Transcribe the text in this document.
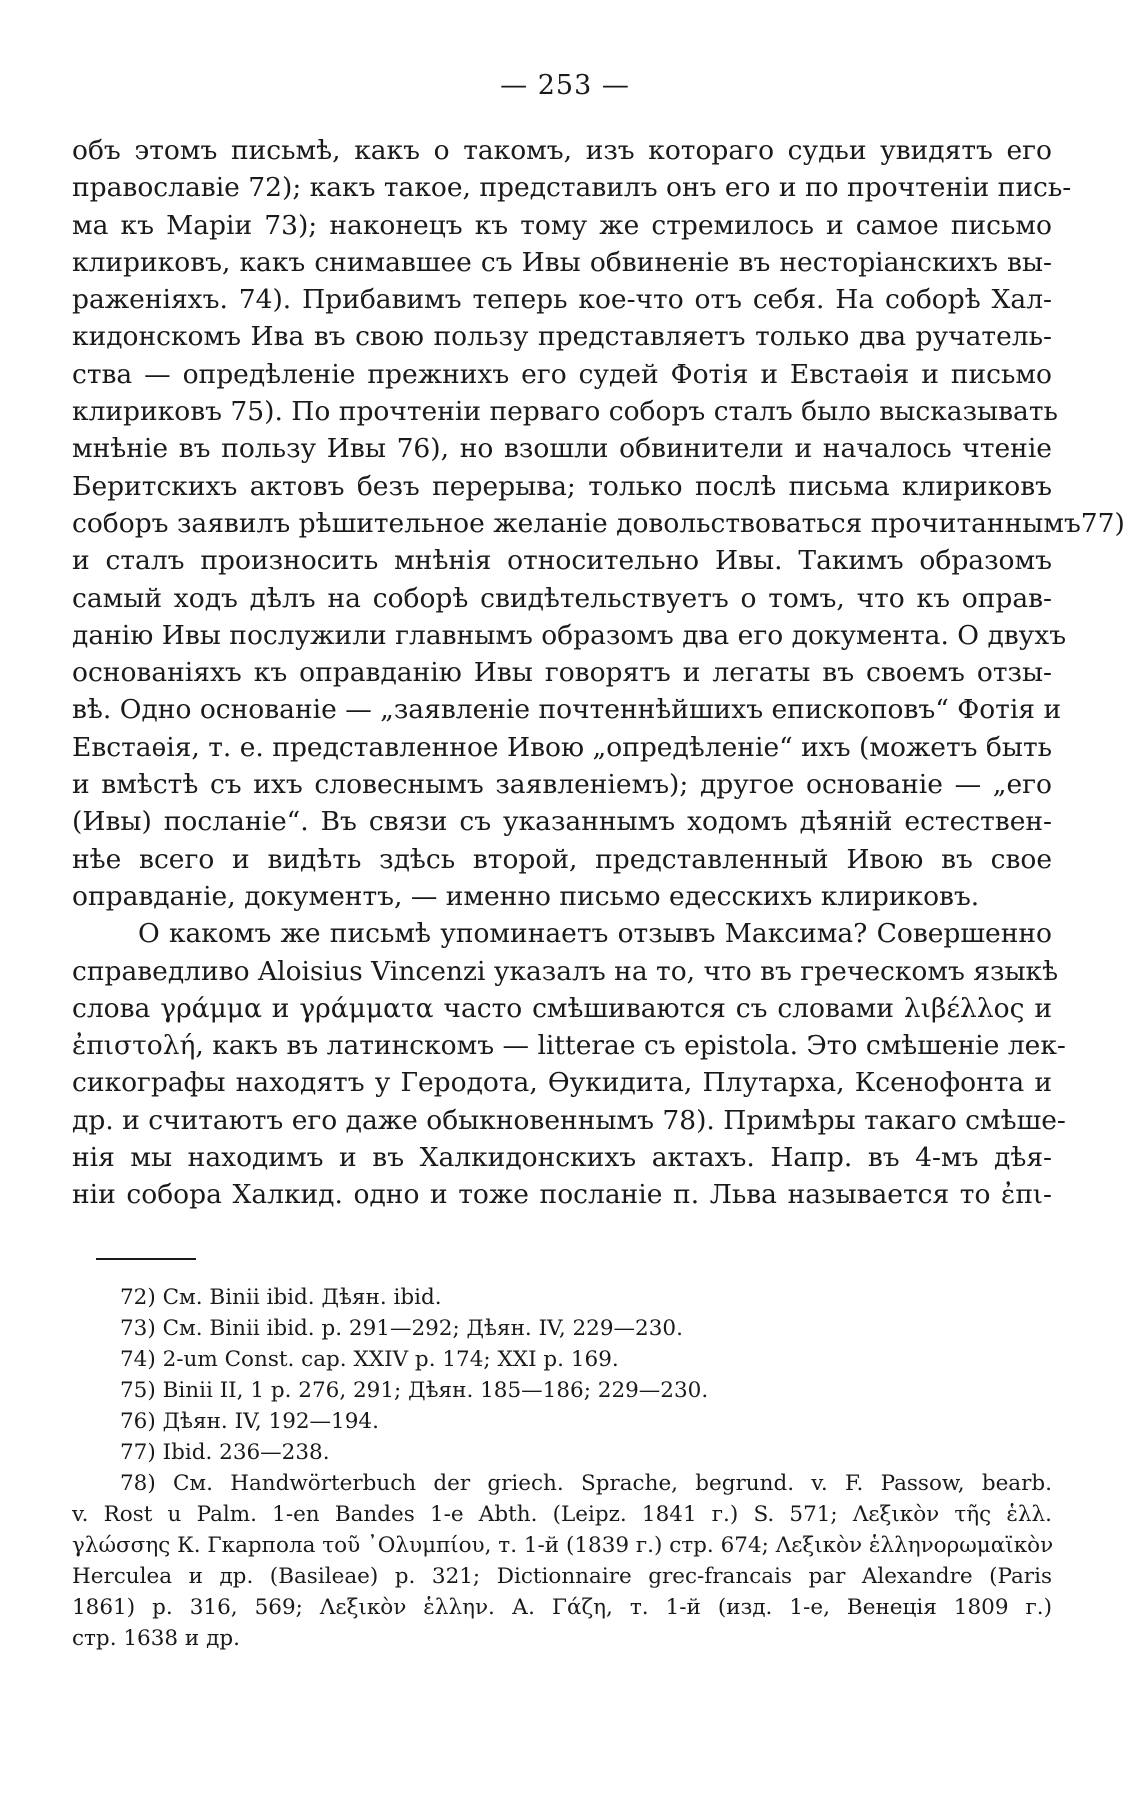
— 253 —
объ этомъ письмѣ, какъ о такомъ, изъ котораго судьи увидятъ его
православіе 72); какъ такое, представилъ онъ его и по прочтеніи пись-
ма къ Маріи 73); наконецъ къ тому же стремилось и самое письмо
клириковъ, какъ снимавшее съ Ивы обвиненіе въ несторіанскихъ вы-
раженіяхъ. 74). Прибавимъ теперь кое-что отъ себя. На соборѣ Хал-
кидонскомъ Ива въ свою пользу представляетъ только два ручатель-
ства — опредѣленіе прежнихъ его судей Фотія и Евстаѳія и письмо
клириковъ 75). По прочтеніи перваго соборъ сталъ было высказывать
мнѣніе въ пользу Ивы 76), но взошли обвинители и началось чтеніе
Беритскихъ актовъ безъ перерыва; только послѣ письма клириковъ
соборъ заявилъ рѣшительное желаніе довольствоваться прочитаннымъ77)
и сталъ произносить мнѣнія относительно Ивы. Такимъ образомъ
самый ходъ дѣлъ на соборѣ свидѣтельствуетъ о томъ, что къ оправ-
данію Ивы послужили главнымъ образомъ два его документа. О двухъ
основаніяхъ къ оправданію Ивы говорятъ и легаты въ своемъ отзы-
вѣ. Одно основаніе — „заявленіе почтеннѣйшихъ епископовъ“ Фотія и
Евстаѳія, т. е. представленное Ивою „опредѣленіе“ ихъ (можетъ быть
и вмѣстѣ съ ихъ словеснымъ заявленіемъ); другое основаніе — „его
(Ивы) посланіе“. Въ связи съ указаннымъ ходомъ дѣяній естествен-
нѣе всего и видѣть здѣсь второй, представленный Ивою въ свое
оправданіе, документъ, — именно письмо едесскихъ клириковъ.
О какомъ же письмѣ упоминаетъ отзывъ Максима? Совершенно
справедливо Aloisius Vincenzi указалъ на то, что въ греческомъ языкѣ
слова γράμμα и γράμματα часто смѣшиваются съ словами λιβέλλος и
ἐπιστολή, какъ въ латинскомъ — litterae съ epistola. Это смѣшеніе лек-
сикографы находятъ у Геродота, Ѳукидита, Плутарха, Ксенофонта и
др. и считаютъ его даже обыкновеннымъ 78). Примѣры такаго смѣше-
нія мы находимъ и въ Халкидонскихъ актахъ. Напр. въ 4-мъ дѣя-
ніи собора Халкид. одно и тоже посланіе п. Льва называется то ἐπι-
72) См. Binii ibid. Дѣян. ibid.
73) См. Binii ibid. p. 291—292; Дѣян. IV, 229—230.
74) 2-um Const. cap. XXIV p. 174; XXI p. 169.
75) Binii II, 1 p. 276, 291; Дѣян. 185—186; 229—230.
76) Дѣян. IV, 192—194.
77) Ibid. 236—238.
78) См. Handwörterbuch der griech. Sprache, begrund. v. F. Passow, bearb.
v. Rost u Palm. 1-en Bandes 1-e Abth. (Leipz. 1841 г.) S. 571; Λεξικὸν τῆς ἑλλ.
γλώσσης К. Гкарпола τοῦ ᾿Ολυμπίου, т. 1-й (1839 г.) стр. 674; Λεξικὸν ἑλληνορωμαϊκὸν
Herculea и др. (Basileae) p. 321; Dictionnaire grec-francais par Alexandre (Paris
1861) p. 316, 569; Λεξικὸν ἑλλην. А. Γάζη, т. 1-й (изд. 1-е, Венеція 1809 г.)
стр. 1638 и др.
